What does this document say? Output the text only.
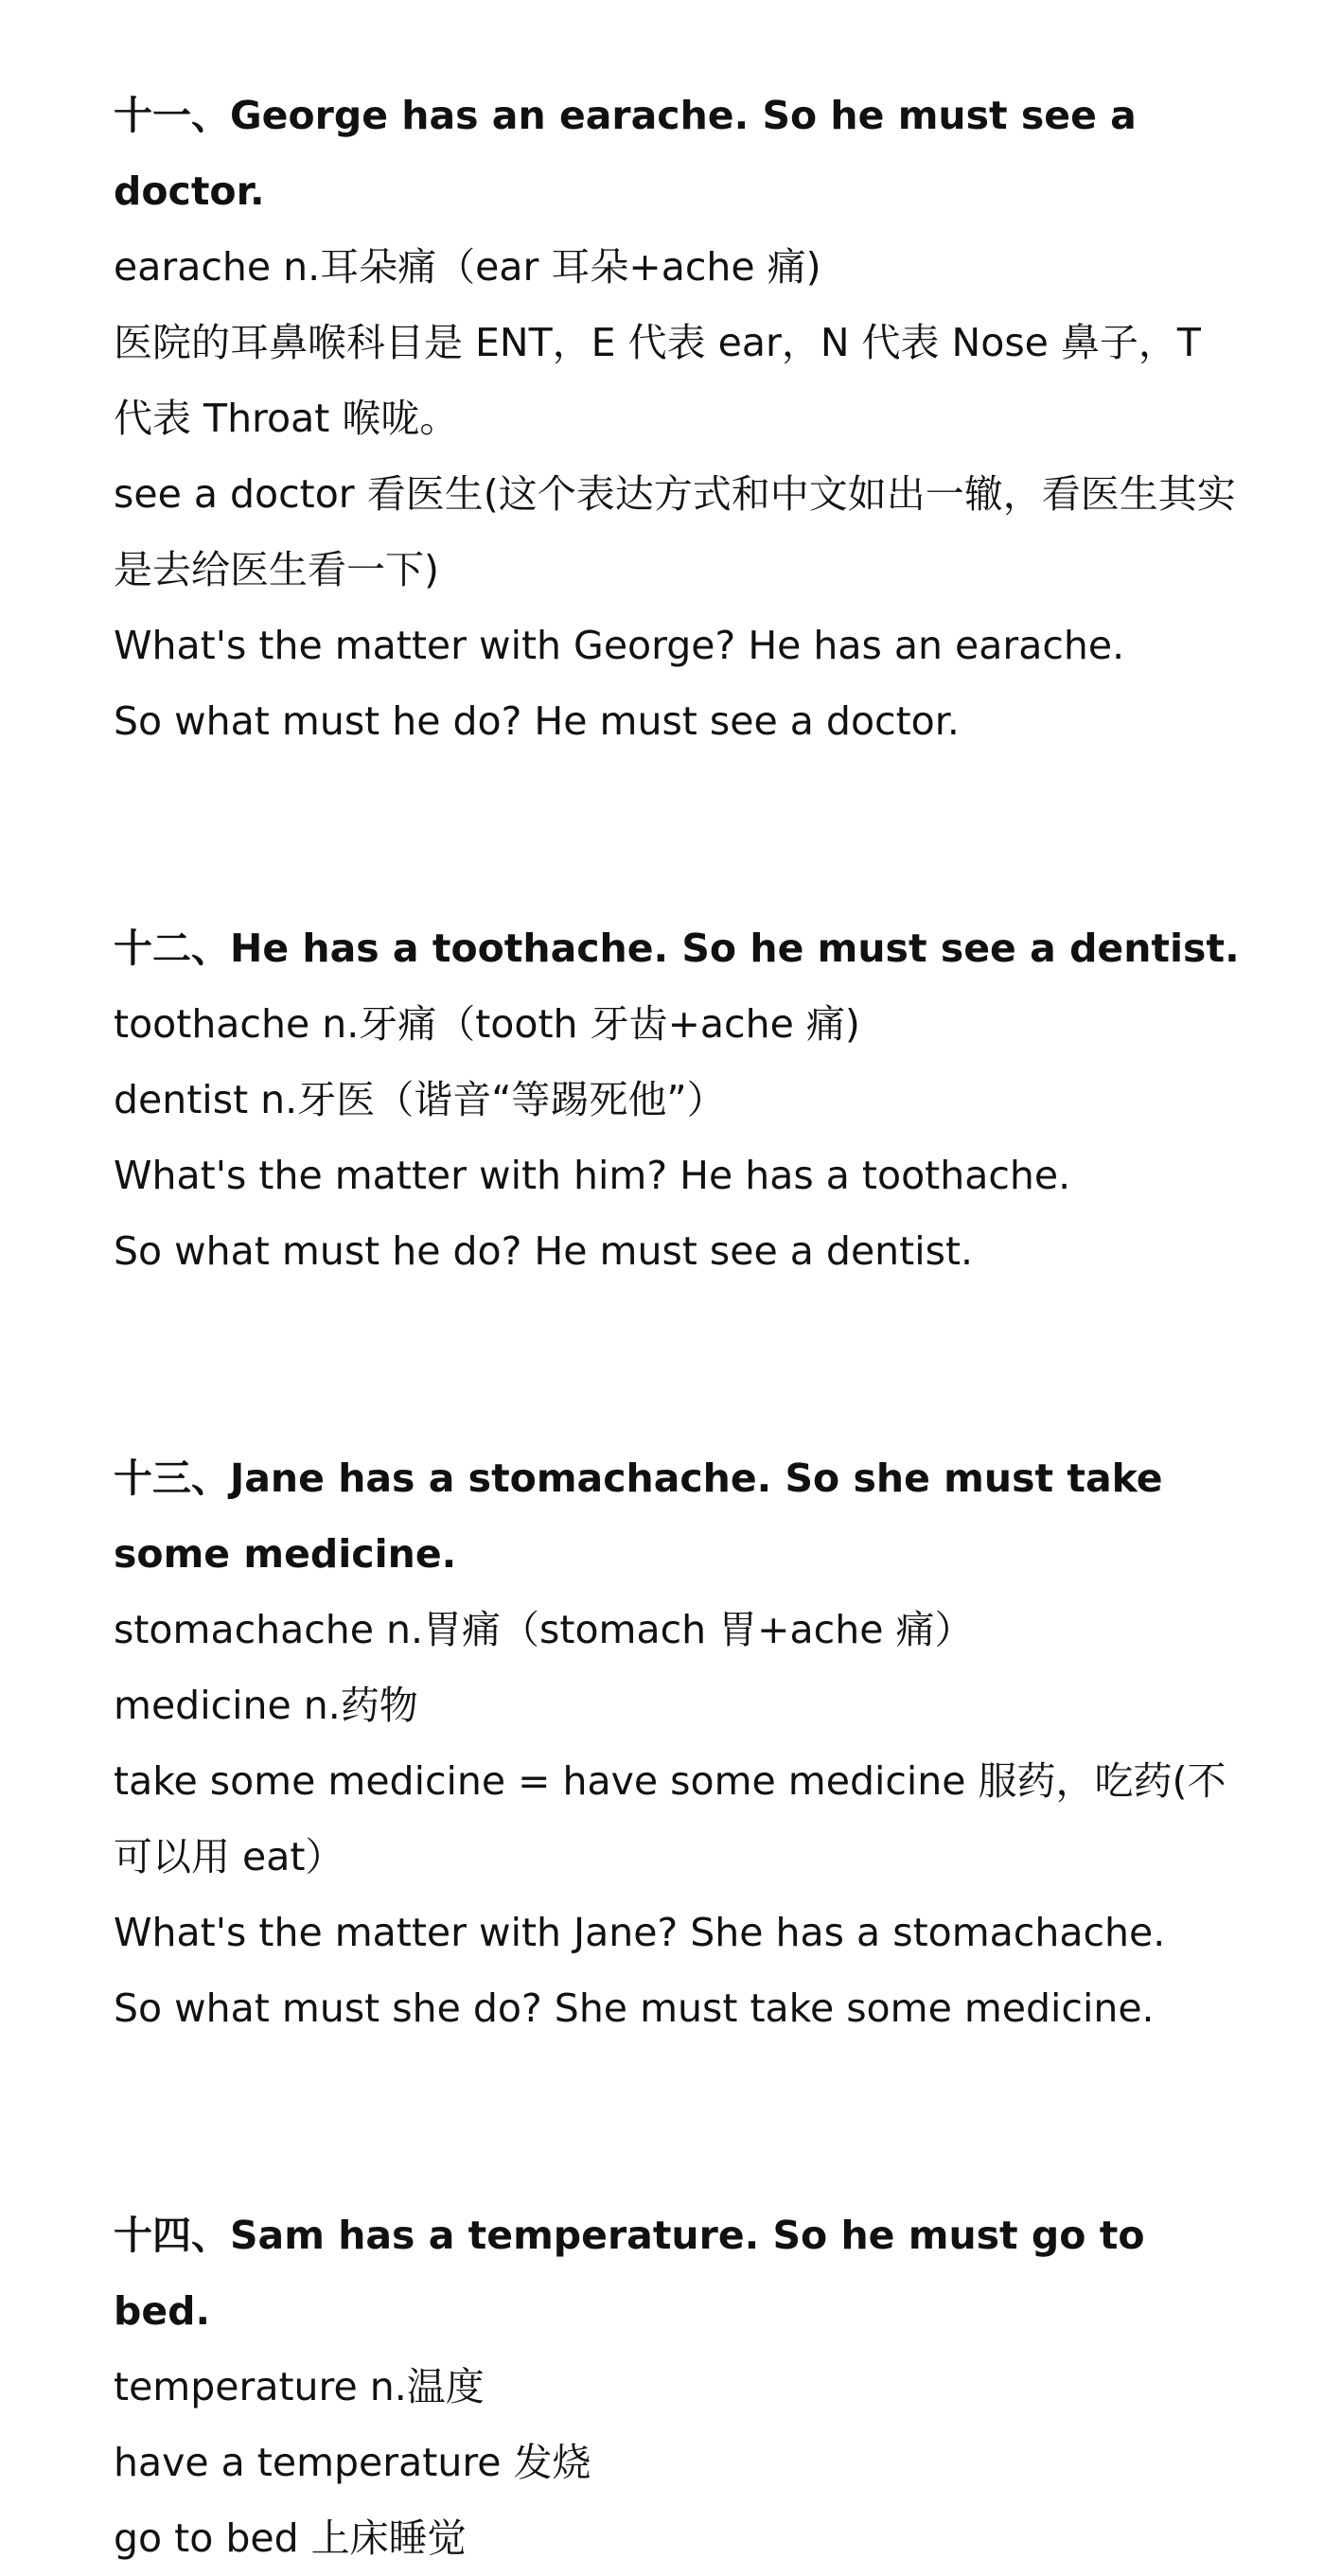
十一、George has an earache. So he must see a doctor.
earache n.耳朵痛（ear 耳朵+ache 痛)
医院的耳鼻喉科目是 ENT，E 代表 ear，N 代表 Nose 鼻子，T 代表 Throat 喉咙。
see a doctor 看医生(这个表达方式和中文如出一辙，看医生其实是去给医生看一下)
What's the matter with George? He has an earache.
So what must he do? He must see a doctor.
十二、He has a toothache. So he must see a dentist.
toothache n.牙痛（tooth 牙齿+ache 痛)
dentist n.牙医（谐音“等踢死他”）
What's the matter with him? He has a toothache.
So what must he do? He must see a dentist.
十三、Jane has a stomachache. So she must take some medicine.
stomachache n.胃痛（stomach 胃+ache 痛）
medicine n.药物
take some medicine = have some medicine 服药，吃药(不可以用 eat）
What's the matter with Jane? She has a stomachache.
So what must she do? She must take some medicine.
十四、Sam has a temperature. So he must go to bed.
temperature n.温度
have a temperature 发烧
go to bed 上床睡觉
